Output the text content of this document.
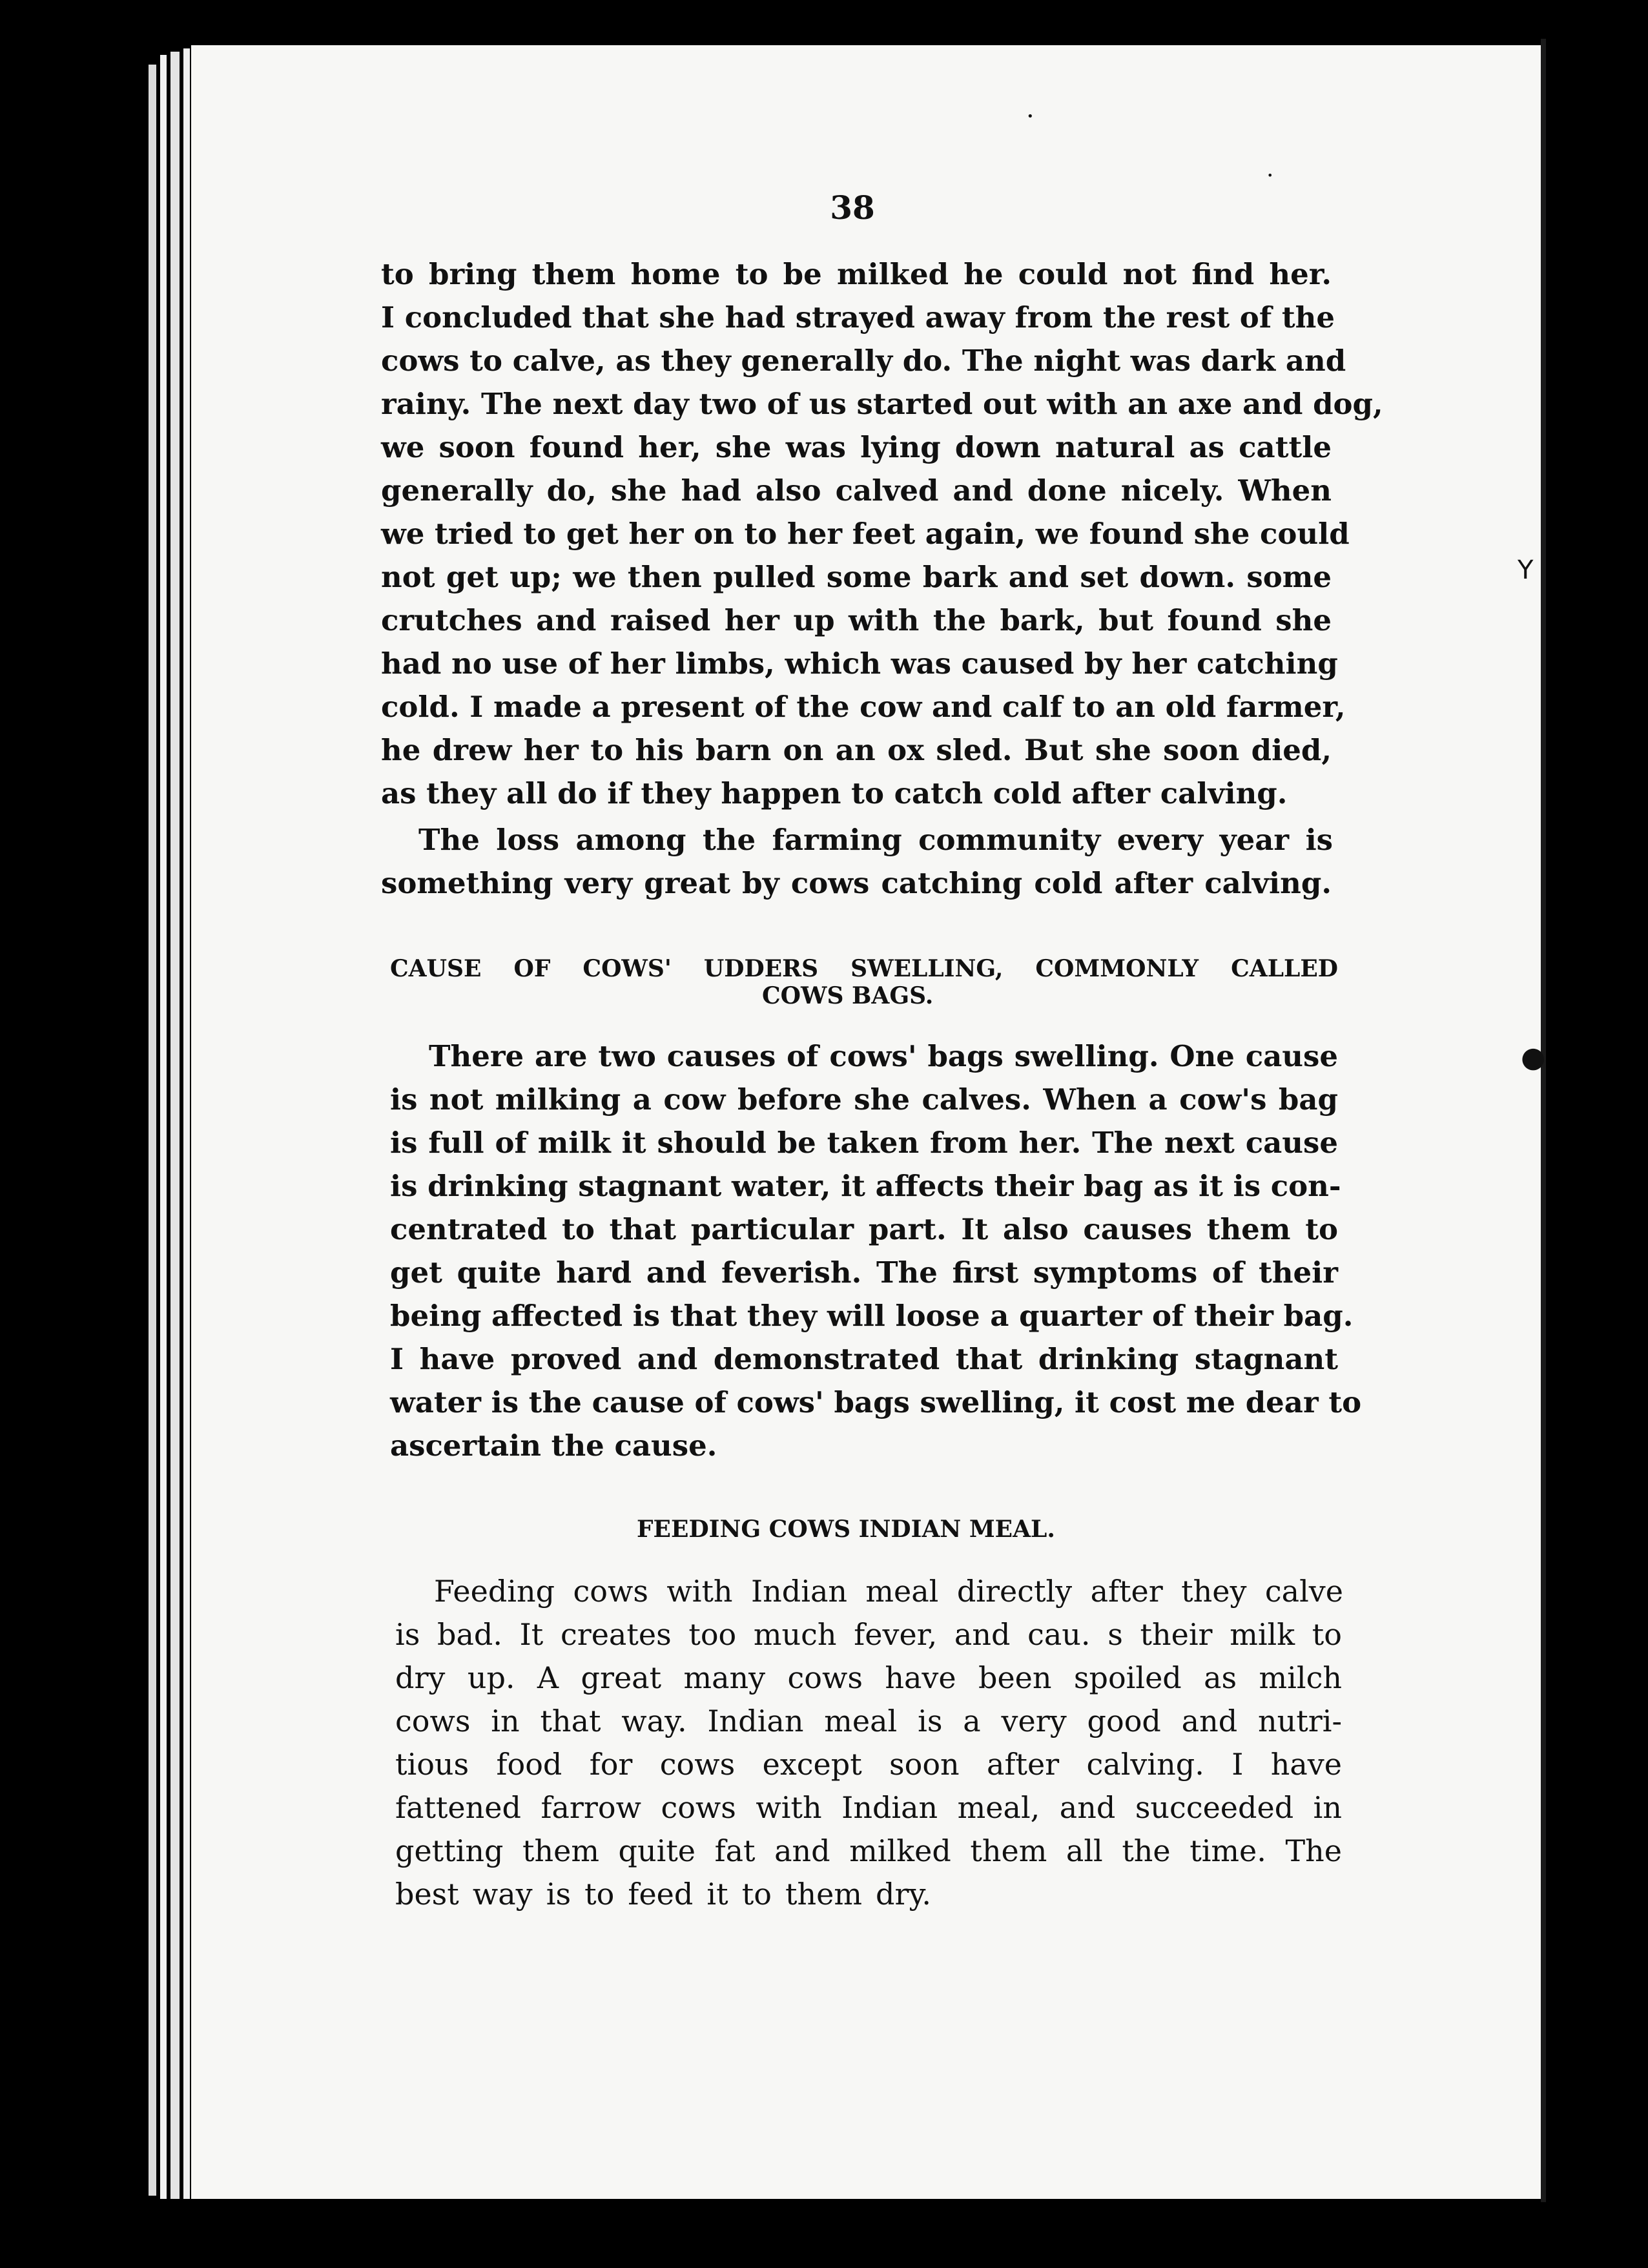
•
•
Y
●
38
to bring them home to be milked he could not find her.
I concluded that she had strayed away from the rest of the
cows to calve, as they generally do. The night was dark and
rainy. The next day two of us started out with an axe and dog,
we soon found her, she was lying down natural as cattle
generally do, she had also calved and done nicely. When
we tried to get her on to her feet again, we found she could
not get up; we then pulled some bark and set down. some
crutches and raised her up with the bark, but found she
had no use of her limbs, which was caused by her catching
cold. I made a present of the cow and calf to an old farmer,
he drew her to his barn on an ox sled. But she soon died,
as they all do if they happen to catch cold after calving.
The loss among the farming community every year is
something very great by cows catching cold after calving.
CAUSE OF COWS' UDDERS SWELLING, COMMONLY CALLED
COWS BAGS.
There are two causes of cows' bags swelling. One cause
is not milking a cow before she calves. When a cow's bag
is full of milk it should be taken from her. The next cause
is drinking stagnant water, it affects their bag as it is con-
centrated to that particular part. It also causes them to
get quite hard and feverish. The first symptoms of their
being affected is that they will loose a quarter of their bag.
I have proved and demonstrated that drinking stagnant
water is the cause of cows' bags swelling, it cost me dear to
ascertain the cause.
FEEDING COWS INDIAN MEAL.
Feeding cows with Indian meal directly after they calve
is bad. It creates too much fever, and cau. s their milk to
dry up. A great many cows have been spoiled as milch
cows in that way. Indian meal is a very good and nutri-
tious food for cows except soon after calving. I have
fattened farrow cows with Indian meal, and succeeded in
getting them quite fat and milked them all the time. The
best way is to feed it to them dry.
